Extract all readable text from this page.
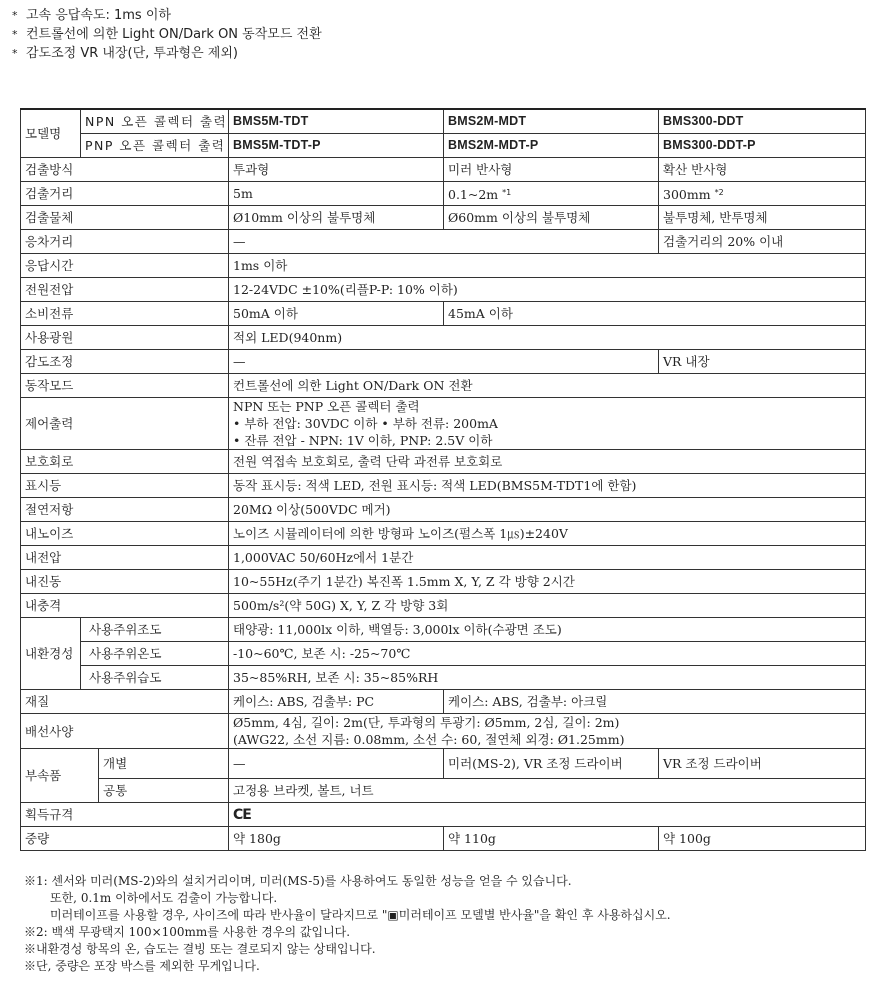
* 고속 응답속도: 1ms 이하
* 컨트롤선에 의한 Light ON/Dark ON 동작모드 전환
* 감도조정 VR 내장(단, 투과형은 제외)
모델명	NPN 오픈 콜렉터 출력		BMS5M-TDT	BMS2M-MDT	BMS300-DDT
	PNP 오픈 콜렉터 출력		BMS5M-TDT-P	BMS2M-MDT-P	BMS300-DDT-P
검출방식			투과형	미러 반사형	확산 반사형
검출거리			5m	0.1~2m $^{*1}$	300mm $^{*2}$
검출물체			Ø10mm 이상의 불투명체	Ø60mm 이상의 불투명체	불투명체, 반투명체
응차거리			—		검출거리의 20% 이내
응답시간			1ms 이하		
전원전압			12-24VDC ±10%(리플P-P: 10% 이하)		
소비전류			50mA 이하	45mA 이하	
사용광원			적외 LED(940nm)		
감도조정			—		VR 내장
동작모드			컨트롤선에 의한 Light ON/Dark ON 전환		
제어출력			NPN 또는 PNP 오픈 콜렉터 출력
• 부하 전압: 30VDC 이하 • 부하 전류: 200mA
• 잔류 전압 - NPN: 1V 이하, PNP: 2.5V 이하		

보호회로			전원 역접속 보호회로, 출력 단락 과전류 보호회로		
표시등			동작 표시등: 적색 LED, 전원 표시등: 적색 LED(BMS5M-TDT1에 한함)		
절연저항			20MΩ 이상(500VDC 메거)		
내노이즈			노이즈 시뮬레이터에 의한 방형파 노이즈(펄스폭 1㎲)±240V		
내전압			1,000VAC 50/60Hz에서 1분간		
내진동			10~55Hz(주기 1분간) 복진폭 1.5mm X, Y, Z 각 방향 2시간		
내충격			500m/s²(약 50G) X, Y, Z 각 방향 3회		
내환경성	사용주위조도		태양광: 11,000lx 이하, 백열등: 3,000lx 이하(수광면 조도)		
	사용주위온도		-10~60℃, 보존 시: -25~70℃		
	사용주위습도		35~85%RH, 보존 시: 35~85%RH		
재질			케이스: ABS, 검출부: PC	케이스: ABS, 검출부: 아크릴	
배선사양			Ø5mm, 4심, 길이: 2m(단, 투과형의 투광기: Ø5mm, 2심, 길이: 2m)
(AWG22, 소선 지름: 0.08mm, 소선 수: 60, 절연체 외경: Ø1.25mm)		

부속품		개별	—	미러(MS-2), VR 조정 드라이버	VR 조정 드라이버
		공통	고정용 브라켓, 볼트, 너트		
획득규격			CE		
중량			약 180g	약 110g	약 100g
※1: 센서와 미러(MS-2)와의 설치거리이며, 미러(MS-5)를 사용하여도 동일한 성능을 얻을 수 있습니다.
또한, 0.1m 이하에서도 검출이 가능합니다.
미러테이프를 사용할 경우, 사이즈에 따라 반사율이 달라지므로 "▣미러테이프 모델별 반사율"을 확인 후 사용하십시오.
※2: 백색 무광택지 100×100mm를 사용한 경우의 값입니다.
※내환경성 항목의 온, 습도는 결빙 또는 결로되지 않는 상태입니다.
※단, 중량은 포장 박스를 제외한 무게입니다.
